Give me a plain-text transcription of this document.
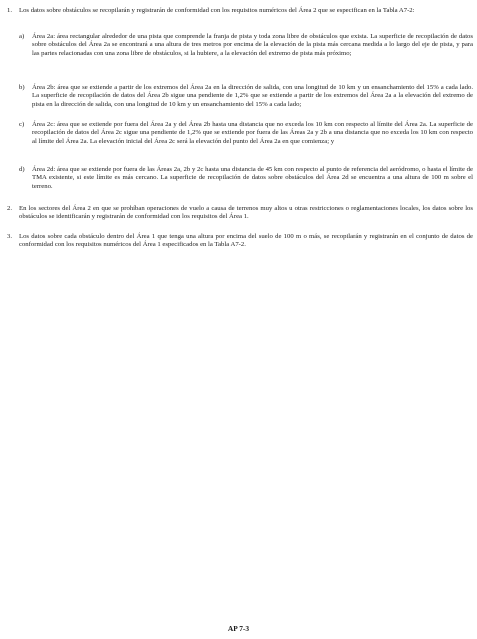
1.	Los datos sobre obstáculos se recopilarán y registrarán de conformidad con los requisitos numéricos del Área 2 que se especifican en la Tabla A7-2:
a)	Área 2a: área rectangular alrededor de una pista que comprende la franja de pista y toda zona libre de obstáculos que exista. La superficie de recopilación de datos sobre obstáculos del Área 2a se encontrará a una altura de tres metros por encima de la elevación de la pista más cercana medida a lo largo del eje de pista, y para las partes relacionadas con una zona libre de obstáculos, si la hubiere, a la elevación del extremo de pista más próximo;
b)	Área 2b: área que se extiende a partir de los extremos del Área 2a en la dirección de salida, con una longitud de 10 km y un ensanchamiento del 15% a cada lado. La superficie de recopilación de datos del Área 2b sigue una pendiente de 1,2% que se extiende a partir de los extremos del Área 2a a la elevación del extremo de pista en la dirección de salida, con una longitud de 10 km y un ensanchamiento del 15% a cada lado;
c)	Área 2c: área que se extiende por fuera del Área 2a y del Área 2b hasta una distancia que no exceda los 10 km con respecto al límite del Área 2a. La superficie de recopilación de datos del Área 2c sigue una pendiente de 1,2% que se extiende por fuera de las Áreas 2a y 2b a una distancia que no exceda los 10 km con respecto al límite del Área 2a. La elevación inicial del Área 2c será la elevación del punto del Área 2a en que comienza; y
d)	Área 2d: área que se extiende por fuera de las Áreas 2a, 2b y 2c hasta una distancia de 45 km con respecto al punto de referencia del aeródromo, o hasta el límite de TMA existente, si este límite es más cercano. La superficie de recopilación de datos sobre obstáculos del Área 2d se encuentra a una altura de 100 m sobre el terreno.
2.	En los sectores del Área 2 en que se prohíban operaciones de vuelo a causa de terrenos muy altos u otras restricciones o reglamentaciones locales, los datos sobre los obstáculos se identificarán y registrarán de conformidad con los requisitos del Área 1.
3.	Los datos sobre cada obstáculo dentro del Área 1 que tenga una altura por encima del suelo de 100 m o más, se recopilarán y registrarán en el conjunto de datos de conformidad con los requisitos numéricos del Área 1 especificados en la Tabla A7-2.
AP 7-3
